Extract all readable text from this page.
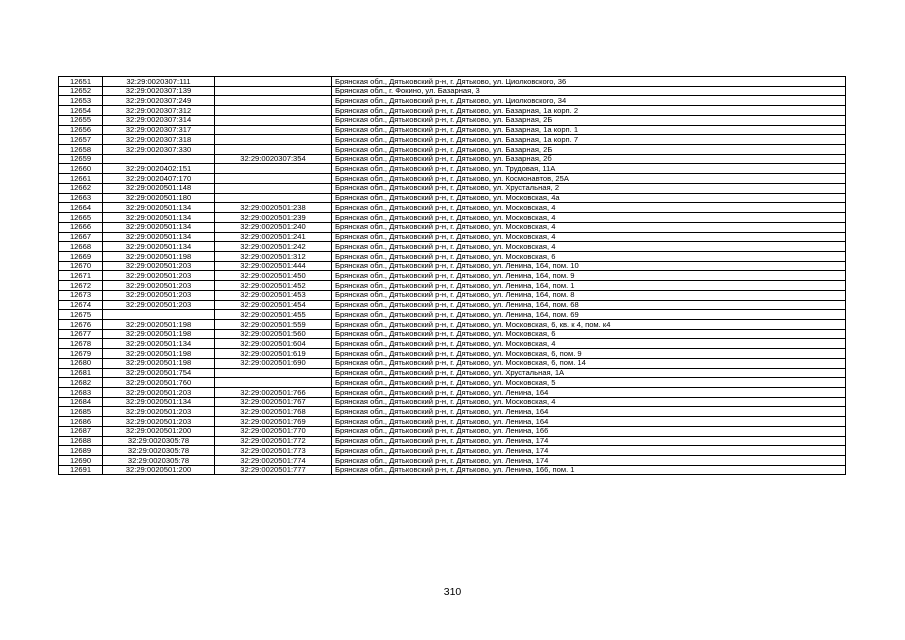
12651	32:29:0020307:111		Брянская обл., Дятьковский р-н, г. Дятьково, ул. Циолковского, 36
12652	32:29:0020307:139		Брянская обл., г. Фокино, ул. Базарная, 3
12653	32:29:0020307:249		Брянская обл., Дятьковский р-н, г. Дятьково, ул. Циолковского, 34
12654	32:29:0020307:312		Брянская обл., Дятьковский р-н, г. Дятьково, ул. Базарная, 1а корп. 2
12655	32:29:0020307:314		Брянская обл., Дятьковский р-н, г. Дятьково, ул. Базарная, 2Б
12656	32:29:0020307:317		Брянская обл., Дятьковский р-н, г. Дятьково, ул. Базарная, 1а корп. 1
12657	32:29:0020307:318		Брянская обл., Дятьковский р-н, г. Дятьково, ул. Базарная, 1а корп. 7
12658	32:29:0020307:330		Брянская обл., Дятьковский р-н, г. Дятьково, ул. Базарная, 2Б
12659		32:29:0020307:354	Брянская обл., Дятьковский р-н, г. Дятьково, ул. Базарная, 2б
12660	32:29:0020402:151		Брянская обл., Дятьковский р-н, г. Дятьково, ул. Трудовая, 11А
12661	32:29:0020407:170		Брянская обл., Дятьковский р-н, г. Дятьково, ул. Космонавтов, 25А
12662	32:29:0020501:148		Брянская обл., Дятьковский р-н, г. Дятьково, ул. Хрустальная, 2
12663	32:29:0020501:180		Брянская обл., Дятьковский р-н, г. Дятьково, ул. Московская, 4а
12664	32:29:0020501:134	32:29:0020501:238	Брянская обл., Дятьковский р-н, г. Дятьково, ул. Московская, 4
12665	32:29:0020501:134	32:29:0020501:239	Брянская обл., Дятьковский р-н, г. Дятьково, ул. Московская, 4
12666	32:29:0020501:134	32:29:0020501:240	Брянская обл., Дятьковский р-н, г. Дятьково, ул. Московская, 4
12667	32:29:0020501:134	32:29:0020501:241	Брянская обл., Дятьковский р-н, г. Дятьково, ул. Московская, 4
12668	32:29:0020501:134	32:29:0020501:242	Брянская обл., Дятьковский р-н, г. Дятьково, ул. Московская, 4
12669	32:29:0020501:198	32:29:0020501:312	Брянская обл., Дятьковский р-н, г. Дятьково, ул. Московская, 6
12670	32:29:0020501:203	32:29:0020501:444	Брянская обл., Дятьковский р-н, г. Дятьково, ул. Ленина, 164, пом. 10
12671	32:29:0020501:203	32:29:0020501:450	Брянская обл., Дятьковский р-н, г. Дятьково, ул. Ленина, 164, пом. 9
12672	32:29:0020501:203	32:29:0020501:452	Брянская обл., Дятьковский р-н, г. Дятьково, ул. Ленина, 164, пом. 1
12673	32:29:0020501:203	32:29:0020501:453	Брянская обл., Дятьковский р-н, г. Дятьково, ул. Ленина, 164, пом. 8
12674	32:29:0020501:203	32:29:0020501:454	Брянская обл., Дятьковский р-н, г. Дятьково, ул. Ленина, 164, пом. 68
12675		32:29:0020501:455	Брянская обл., Дятьковский р-н, г. Дятьково, ул. Ленина, 164, пом. 69
12676	32:29:0020501:198	32:29:0020501:559	Брянская обл., Дятьковский р-н, г. Дятьково, ул. Московская, 6, кв. к 4, пом. к4
12677	32:29:0020501:198	32:29:0020501:560	Брянская обл., Дятьковский р-н, г. Дятьково, ул. Московская, 6
12678	32:29:0020501:134	32:29:0020501:604	Брянская обл., Дятьковский р-н, г. Дятьково, ул. Московская, 4
12679	32:29:0020501:198	32:29:0020501:619	Брянская обл., Дятьковский р-н, г. Дятьково, ул. Московская, 6, пом. 9
12680	32:29:0020501:198	32:29:0020501:690	Брянская обл., Дятьковский р-н, г. Дятьково, ул. Московская, 6, пом. 14
12681	32:29:0020501:754		Брянская обл., Дятьковский р-н, г. Дятьково, ул. Хрустальная, 1А
12682	32:29:0020501:760		Брянская обл., Дятьковский р-н, г. Дятьково, ул. Московская, 5
12683	32:29:0020501:203	32:29:0020501:766	Брянская обл., Дятьковский р-н, г. Дятьково, ул. Ленина, 164
12684	32:29:0020501:134	32:29:0020501:767	Брянская обл., Дятьковский р-н, г. Дятьково, ул. Московская, 4
12685	32:29:0020501:203	32:29:0020501:768	Брянская обл., Дятьковский р-н, г. Дятьково, ул. Ленина, 164
12686	32:29:0020501:203	32:29:0020501:769	Брянская обл., Дятьковский р-н, г. Дятьково, ул. Ленина, 164
12687	32:29:0020501:200	32:29:0020501:770	Брянская обл., Дятьковский р-н, г. Дятьково, ул. Ленина, 166
12688	32:29:0020305:78	32:29:0020501:772	Брянская обл., Дятьковский р-н, г. Дятьково, ул. Ленина, 174
12689	32:29:0020305:78	32:29:0020501:773	Брянская обл., Дятьковский р-н, г. Дятьково, ул. Ленина, 174
12690	32:29:0020305:78	32:29:0020501:774	Брянская обл., Дятьковский р-н, г. Дятьково, ул. Ленина, 174
12691	32:29:0020501:200	32:29:0020501:777	Брянская обл., Дятьковский р-н, г. Дятьково, ул. Ленина, 166, пом. 1
310
